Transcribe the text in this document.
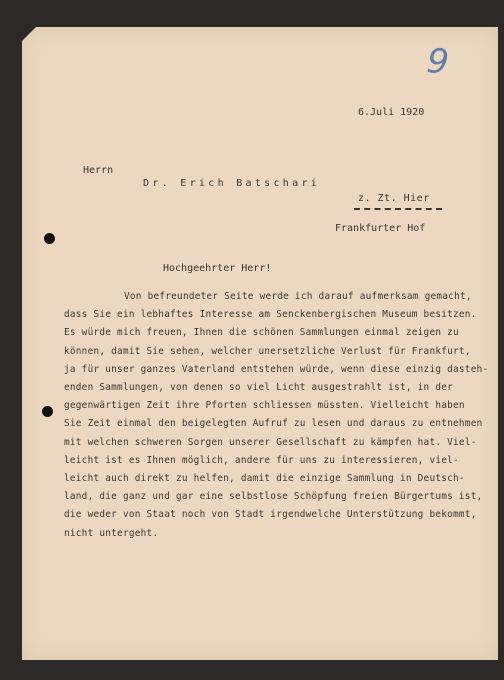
9
6.Juli 1920
Herrn
Dr. Erich Batschari
z. Zt. Hier
Frankfurter Hof
Hochgeehrter Herr!
Von befreundeter Seite werde ich darauf aufmerksam gemacht,
dass Sie ein lebhaftes Interesse am Senckenbergischen Museum besitzen.
Es würde mich freuen, Ihnen die schönen Sammlungen einmal zeigen zu
können, damit Sie sehen, welcher unersetzliche Verlust für Frankfurt,
ja für unser ganzes Vaterland entstehen würde, wenn diese einzig dasteh-
enden Sammlungen, von denen so viel Licht ausgestrahlt ist, in der
gegenwärtigen Zeit ihre Pforten schliessen müssten. Vielleicht haben
Sie Zeit einmal den beigelegten Aufruf zu lesen und daraus zu entnehmen
mit welchen schweren Sorgen unserer Gesellschaft zu kämpfen hat. Viel-
leicht ist es Ihnen möglich, andere für uns zu interessieren, viel-
leicht auch direkt zu helfen, damit die einzige Sammlung in Deutsch-
land, die ganz und gar eine selbstlose Schöpfung freien Bürgertums ist,
die weder von Staat noch von Stadt irgendwelche Unterstützung bekommt,
nicht untergeht.
